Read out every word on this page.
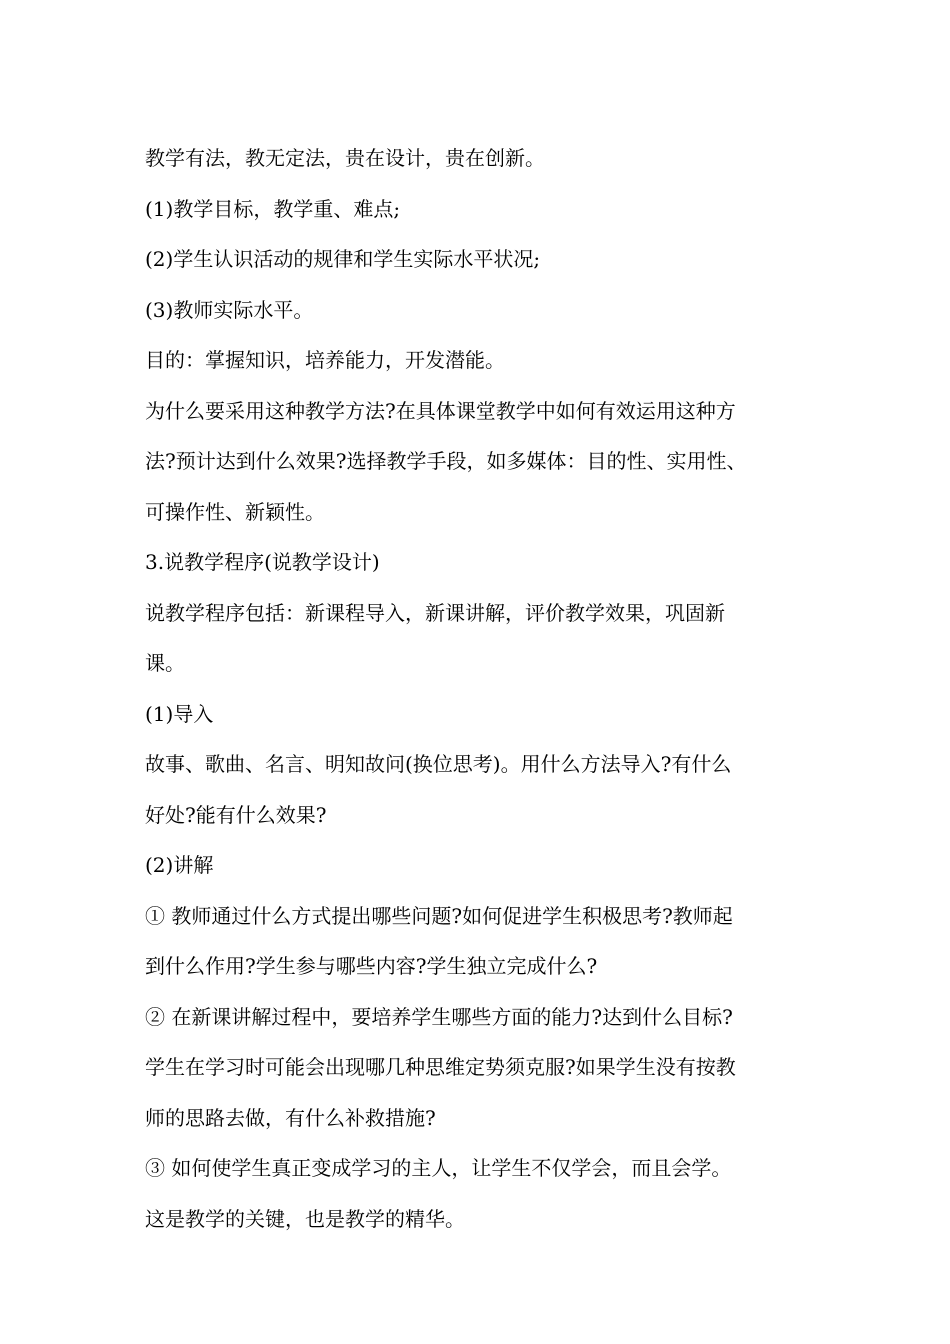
教学有法，教无定法，贵在设计，贵在创新。

(1)教学目标，教学重、难点;

(2)学生认识活动的规律和学生实际水平状况;

(3)教师实际水平。

目的：掌握知识，培养能力，开发潜能。

为什么要采用这种教学方法?在具体课堂教学中如何有效运用这种方

法?预计达到什么效果?选择教学手段，如多媒体：目的性、实用性、

可操作性、新颖性。

3.说教学程序(说教学设计)

说教学程序包括：新课程导入，新课讲解，评价教学效果，巩固新

课。

(1)导入

故事、歌曲、名言、明知故问(换位思考)。用什么方法导入?有什么

好处?能有什么效果?

(2)讲解

① 教师通过什么方式提出哪些问题?如何促进学生积极思考?教师起

到什么作用?学生参与哪些内容?学生独立完成什么?

② 在新课讲解过程中，要培养学生哪些方面的能力?达到什么目标?

学生在学习时可能会出现哪几种思维定势须克服?如果学生没有按教

师的思路去做，有什么补救措施?

③ 如何使学生真正变成学习的主人，让学生不仅学会，而且会学。

这是教学的关键，也是教学的精华。
